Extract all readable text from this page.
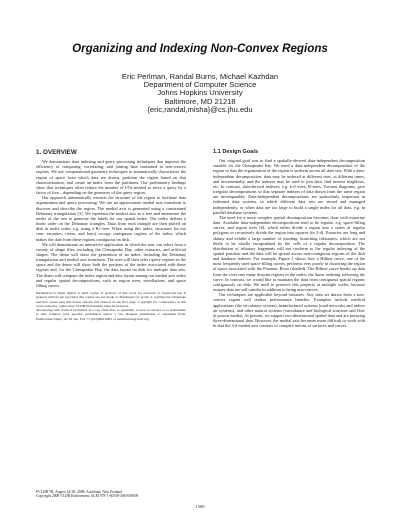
Organizing and Indexing Non-Convex Regions
Eric Perlman, Randal Burns, Michael Kazhdan
Department of Computer Science
Johns Hopkins University
Baltimore, MD 21218
{eric,randal,misha}@cs.jhu.edu
1. OVERVIEW

We demonstrate data indexing and query processing techniques that improve the efficiency of comparing, correlating, and joining data contained in non-convex regions. We use computational geometry techniques to automatically characterize the region of space from which data are drawn, partition the region based on that characterization, and create an index from the partitions. Our preliminary findings show that techniques often reduce the number of I/Os needed to serve a query by a factor of five—depending on the geometry of the query region.

Our approach automatically extracts the structure of the region to facilitate data organization and query processing. We use an approximate medial axis transform to discover and describe the region. The medial axis is generated using a constrained Delaunay triangulation [3]. We represent the medial axis as a tree and enumerate the nodes of the tree to generate the labels for our spatial index. The index defines a linear order on the Delaunay triangles. Data from each triangle are then placed on disk in index order, e.g. using a B+-tree. When using this index, structures (in our case, estuaries, rivers, and bays) occupy contiguous regions of the index, which makes the data from these regions contiguous on disk.

We will demonstrate an interactive application in which the user can select from a variety of shape files, including the Chesapeake Bay, other estuaries, and artificial shapes. The demo will show the generation of an index, including the Delaunay triangulation and medial axis transform. The user will then select query regions in the space and the demo will show both the portions of the index associated with these regions and, for the Chesapeake Bay, the data layout on disk for multiple data sets. The demo will compare the index region and data layout among our medial axis index and regular spatial decompositions, such as region trees, tessellations, and space filling curves.

Permission to make digital or hard copies of portions of this work for personal or classroom use is granted without fee provided that copies are not made or distributed for profit or commercial advantage and that copies bear this notice and the full citation on the first page. Copyright for components of this work owned by others than VLDB Endowment must be honored.

Abstracting with credit is permitted. To copy otherwise, to republish, to post on servers or to redistribute to lists requires prior specific permission and/or a fee. Request permission to republish from: Publications Dept., ACM, Inc. Fax +1 (212)869-0481 or permissions@acm.org.

1.1 Design Goals

Our original goal was to find a spatially-derived data-independent decomposition suitable for the Chesapeake bay. We need a data-independent decomposition of the region so that the organization of the region is uniform across all data sets. With a data-independent decomposition, data may be indexed at different sites, at different times, and incrementally, and the indexes may be used to join data, find nearest neighbors, etc. In contrast, data-derived indexes, e.g. k-d trees, R-trees, Voronoi diagrams, give irregular decompositions so that separate indexes of data drawn from the same region are incomparable. Data-independent decompositions are particularly important in federated data systems, in which different data sets are stored and managed independently, or when data are too large to build a single index for all data, e.g. in parallel database systems.

The need for a more complex spatial decomposition becomes clear with estuarine data. Available data-independent decompositions tend to be regular, e.g. space-filling curves, and region trees [6], which either divide a region into a series of regular polygons or recursively divide the region into squares (in 2-d). Estuaries are long and skinny and exhibit a large number of winding, branching tributaries, which are not likely to be wholly encapsulated by the cells of a regular decomposition. The distribution of tributary fragments will not conform to the regular indexing of the spatial partition and the data will be spread across non-contiguous regions of the disk and database indexes. For example, Figure 1 shows how a Hilbert curve, one of the most frequently used space-filling curves, performs very poorly in clustering the region of space associated with the Potomac River (shaded). The Hilbert curve breaks up data from the river into many disjoint regions in the index: the linear ordering following the curve. In contrast, we would like to maintain the data from contiguous spatial regions contiguously on disk. We need to preserve this property at multiple scales, because estuary data are self-similar in addition to being non-convex.

Our techniques are applicable beyond estuaries. Any data set drawn from a non-convex region will realize performance benefits. Examples include medical applications (the circulatory system), manufactured systems (road networks and indoor air systems), and other natural systems (vasculature and biological structure and flow in porous media). At present, we support two-dimensional spatial data and are pursuing three-dimensional data. However, the medial axis becomes more difficult to work with in that the 3-d medial axis consists of complex unions of surfaces and curves.

PVLDB '08, August 24-30, 2008, Auckland, New Zealand
Copyright 2008 VLDB Endowment, ACM 978-1-60558-306-8/08/08
1500
